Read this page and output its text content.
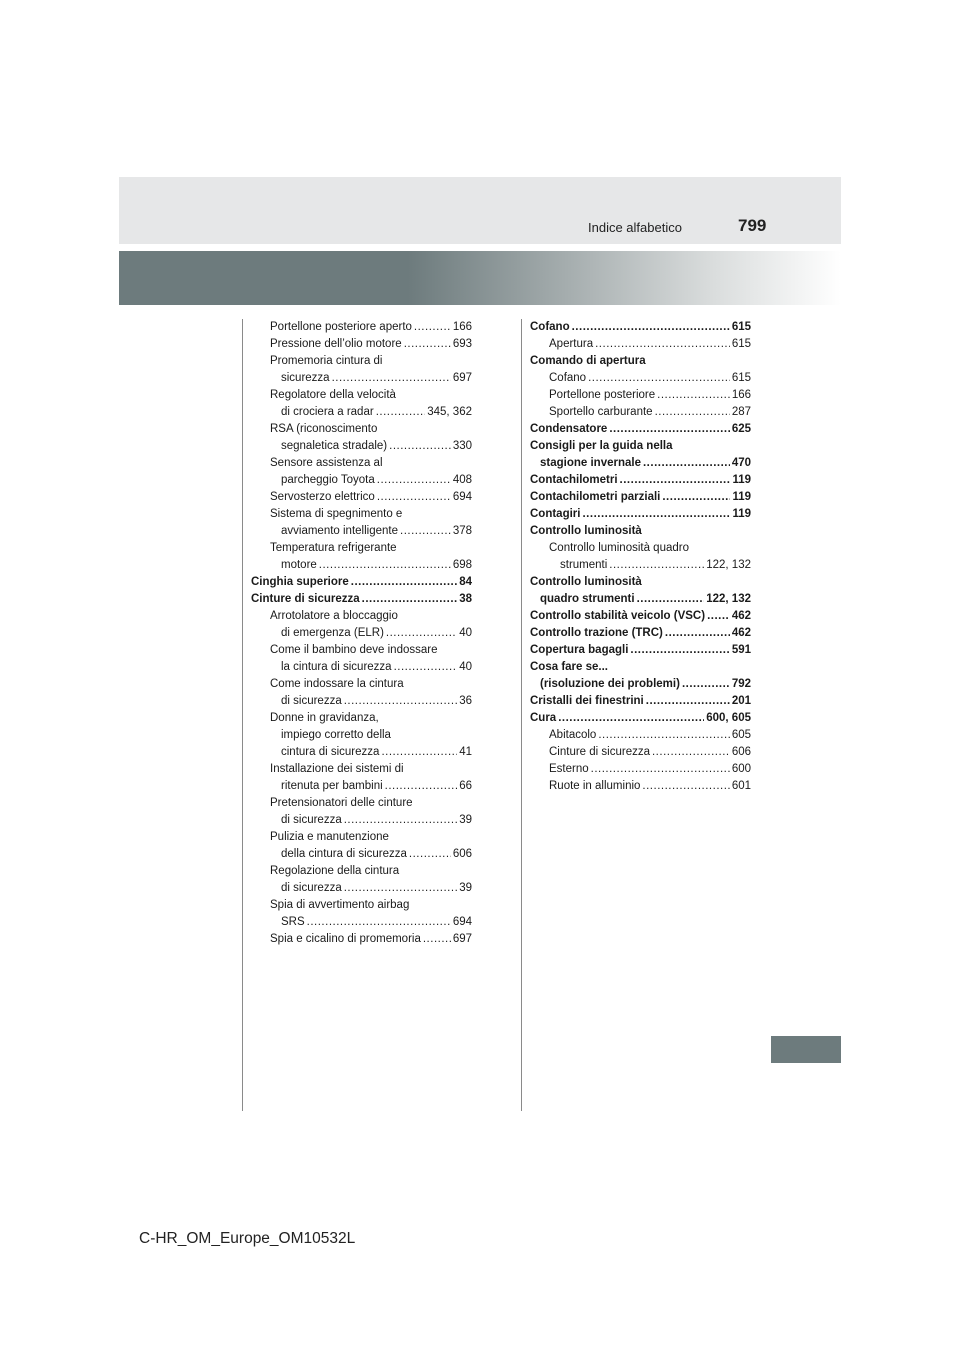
Indice alfabetico	799
Portellone posteriore aperto .....	166
Pressione dell’olio motore .....	693
Promemoria cintura di
sicurezza .....	697
Regolatore della velocità
di crociera a radar .....	345, 362
RSA (riconoscimento
segnaletica stradale) .....	330
Sensore assistenza al
parcheggio Toyota .....	408
Servosterzo elettrico .....	694
Sistema di spegnimento e
avviamento intelligente .....	378
Temperatura refrigerante
motore .....	698
Cinghia superiore .....	84
Cinture di sicurezza .....	38
Arrotolatore a bloccaggio
di emergenza (ELR) .....	40
Come il bambino deve indossare
la cintura di sicurezza .....	40
Come indossare la cintura
di sicurezza .....	36
Donne in gravidanza,
impiego corretto della
cintura di sicurezza .....	41
Installazione dei sistemi di
ritenuta per bambini .....	66
Pretensionatori delle cinture
di sicurezza .....	39
Pulizia e manutenzione
della cintura di sicurezza .....	606
Regolazione della cintura
di sicurezza .....	39
Spia di avvertimento airbag
SRS .....	694
Spia e cicalino di promemoria .....	697
Cofano .....	615
Apertura .....	615
Comando di apertura
Cofano .....	615
Portellone posteriore .....	166
Sportello carburante .....	287
Condensatore .....	625
Consigli per la guida nella
stagione invernale .....	470
Contachilometri .....	119
Contachilometri parziali .....	119
Contagiri .....	119
Controllo luminosità
Controllo luminosità quadro
strumenti .....	122, 132
Controllo luminosità
quadro strumenti .....	122, 132
Controllo stabilità veicolo (VSC) ..... 462
Controllo trazione (TRC) .....	462
Copertura bagagli .....	591
Cosa fare se...
(risoluzione dei problemi) .....	792
Cristalli dei finestrini .....	201
Cura .....	600, 605
Abitacolo .....	605
Cinture di sicurezza .....	606
Esterno .....	600
Ruote in alluminio .....	601
C-HR_OM_Europe_OM10532L
